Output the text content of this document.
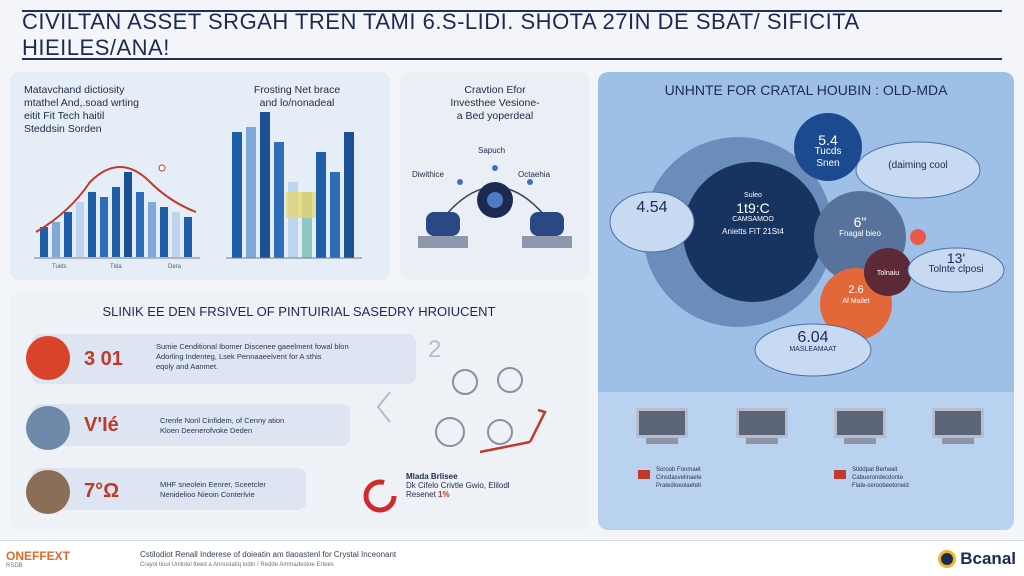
CIVILTAN ASSET SRGAH TREN TAMI 6.S-LIDI. SHOTA 27IN DE SBAT/ SIFICITA HIEILES/ANA!
Matavchand dictiosity
mtathel And,.soad wrting
eitit Fit Tech haitil
Steddsin Sorden
Frosting Net brace
and lo/nonadeal
Tuids	Tlda	Dera
Cravtion Efor
Investhee Vesione-
a Bed yoperdeal
Sapuch
Diwithice	Octaehia
UNHNTE FOR CRATAL HOUBIN : OLD-MDA
5.4
Tucds Snen	(daiming cool
4.54
Suleo
1t9:C
CAMSAMOO
Anietts FIT 21St4
6"
Fnagal bieo
13'
Tolnte clposi
Tolnaiu
2.6
Af Mailet
6.04
MASLEAMAAT
Soroob Fonmaet
Cinsdasvelinaete
Pratedioeolaeteti
Stiddpat Bertwait
Cabuerondecdonte
Flate-ceroobeetoneid
SLINIK EE DEN FRSIVEL OF PINTUIRIAL SASEDRY HROIUCENT
3 01
Sumie Cenditional Ibomer Discenee gaeelment fowal blon
Adorling Indenteg, Lsek Pennaaeelvent for A sthis
eqoly and Aanmet.
V'Ié	Crenfe Noril Cinfidem, of Cenny ation
Kloen Deenerofvoke Deden
7°Ω	MHF sneolein Eenrer, Sceetcler
Nenidelioo Nieoin Conterlvie
2
Mlada Brlisee
Dk Cifelo Crivtle Gwio, Elilodl
Resenet 1%
ONEFFEXT
RSDB
Cstilodiot Renall Inderese of doieatin am tlaoastenl for Crystal Inceonant
Crayol tioul Unllotel tteed a Annuslatiq lodin / Redde Ammadestoe Ertees	Bcanal
